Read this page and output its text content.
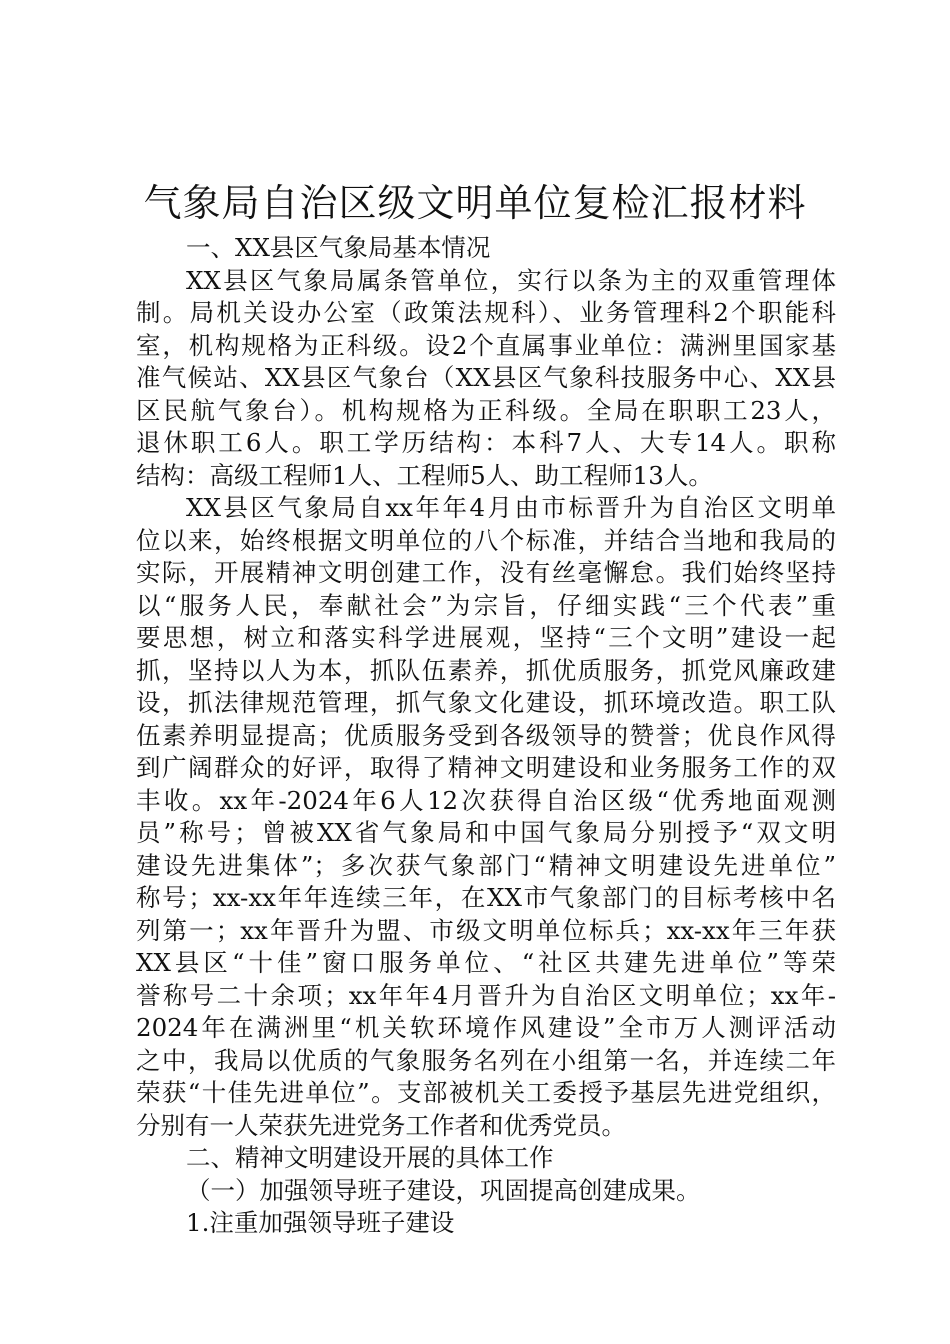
气象局自治区级文明单位复检汇报材料
一、XX县区气象局基本情况
XX县区气象局属条管单位，实行以条为主的双重管理体
制。局机关设办公室（政策法规科）、业务管理科2个职能科
室，机构规格为正科级。设2个直属事业单位：满洲里国家基
准气候站、XX县区气象台（XX县区气象科技服务中心、XX县
区民航气象台）。机构规格为正科级。全局在职职工23人，
退休职工6人。职工学历结构：本科7人、大专14人。职称
结构：高级工程师1人、工程师5人、助工程师13人。
XX县区气象局自xx年年4月由市标晋升为自治区文明单
位以来，始终根据文明单位的八个标准，并结合当地和我局的
实际，开展精神文明创建工作，没有丝毫懈怠。我们始终坚持
以“服务人民，奉献社会”为宗旨，仔细实践“三个代表”重
要思想，树立和落实科学进展观，坚持“三个文明”建设一起
抓，坚持以人为本，抓队伍素养，抓优质服务，抓党风廉政建
设，抓法律规范管理，抓气象文化建设，抓环境改造。职工队
伍素养明显提高；优质服务受到各级领导的赞誉；优良作风得
到广阔群众的好评，取得了精神文明建设和业务服务工作的双
丰收。xx年-2024年6人12次获得自治区级“优秀地面观测
员”称号；曾被XX省气象局和中国气象局分别授予“双文明
建设先进集体”；多次获气象部门“精神文明建设先进单位”
称号；xx-xx年年连续三年，在XX市气象部门的目标考核中名
列第一；xx年晋升为盟、市级文明单位标兵；xx-xx年三年获
XX县区“十佳”窗口服务单位、“社区共建先进单位”等荣
誉称号二十余项；xx年年4月晋升为自治区文明单位；xx年-
2024年在满洲里“机关软环境作风建设”全市万人测评活动
之中，我局以优质的气象服务名列在小组第一名，并连续二年
荣获“十佳先进单位”。支部被机关工委授予基层先进党组织，
分别有一人荣获先进党务工作者和优秀党员。
二、精神文明建设开展的具体工作
（一）加强领导班子建设，巩固提高创建成果。
1.注重加强领导班子建设
